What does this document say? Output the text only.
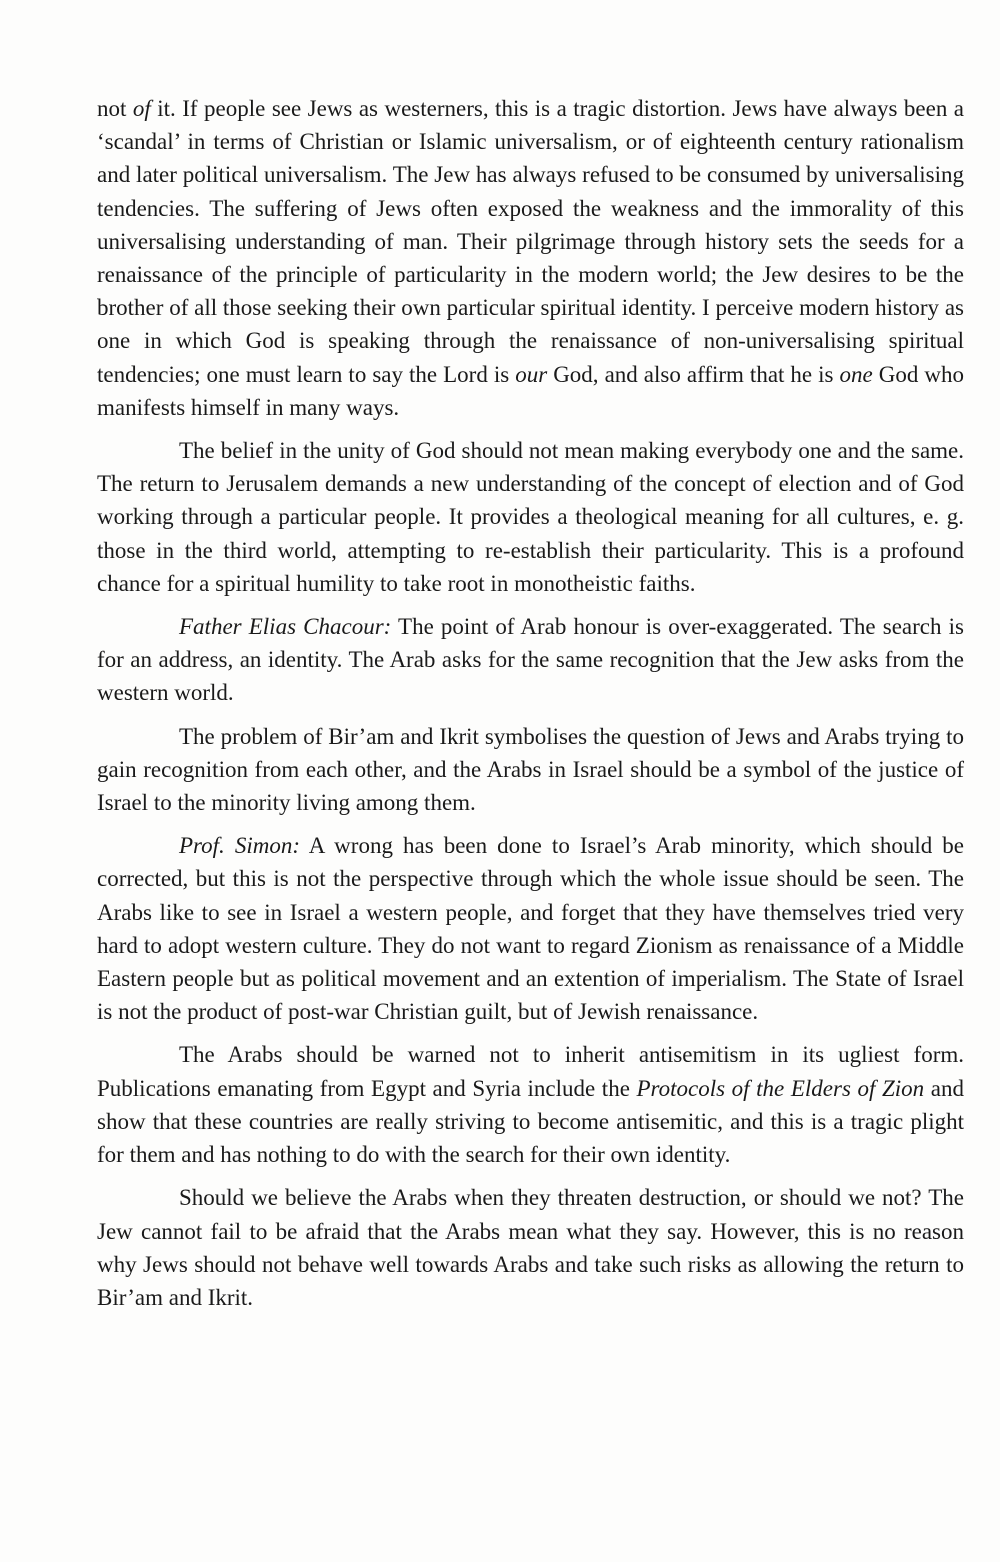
not of it. If people see Jews as westerners, this is a tragic distortion. Jews have always been a ‘scandal’ in terms of Christian or Islamic universalism, or of eighteenth century rationalism and later political universalism. The Jew has always refused to be consumed by universalising tendencies. The suffering of Jews often exposed the weakness and the immorality of this universalising understanding of man. Their pilgrimage through history sets the seeds for a renaissance of the principle of particularity in the modern world; the Jew desires to be the brother of all those seeking their own particular spiritual identity. I perceive modern history as one in which God is speaking through the renaissance of non-universalising spiritual tendencies; one must learn to say the Lord is our God, and also affirm that he is one God who manifests himself in many ways.

The belief in the unity of God should not mean making everybody one and the same. The return to Jerusalem demands a new understanding of the concept of election and of God working through a particular people. It provides a theological meaning for all cultures, e. g. those in the third world, attempting to re-establish their particularity. This is a profound chance for a spiritual humility to take root in monotheistic faiths.

Father Elias Chacour: The point of Arab honour is over-exaggerated. The search is for an address, an identity. The Arab asks for the same recognition that the Jew asks from the western world.

The problem of Bir’am and Ikrit symbolises the question of Jews and Arabs trying to gain recognition from each other, and the Arabs in Israel should be a symbol of the justice of Israel to the minority living among them.

Prof. Simon: A wrong has been done to Israel’s Arab minority, which should be corrected, but this is not the perspective through which the whole issue should be seen. The Arabs like to see in Israel a western people, and forget that they have themselves tried very hard to adopt western culture. They do not want to regard Zionism as renaissance of a Middle Eastern people but as political movement and an extention of imperialism. The State of Israel is not the product of post-war Christian guilt, but of Jewish renaissance.

The Arabs should be warned not to inherit antisemitism in its ugliest form. Publications emanating from Egypt and Syria include the Protocols of the Elders of Zion and show that these countries are really striving to become antisemitic, and this is a tragic plight for them and has nothing to do with the search for their own identity.

Should we believe the Arabs when they threaten destruction, or should we not? The Jew cannot fail to be afraid that the Arabs mean what they say. However, this is no reason why Jews should not behave well towards Arabs and take such risks as allowing the return to Bir’am and Ikrit.
